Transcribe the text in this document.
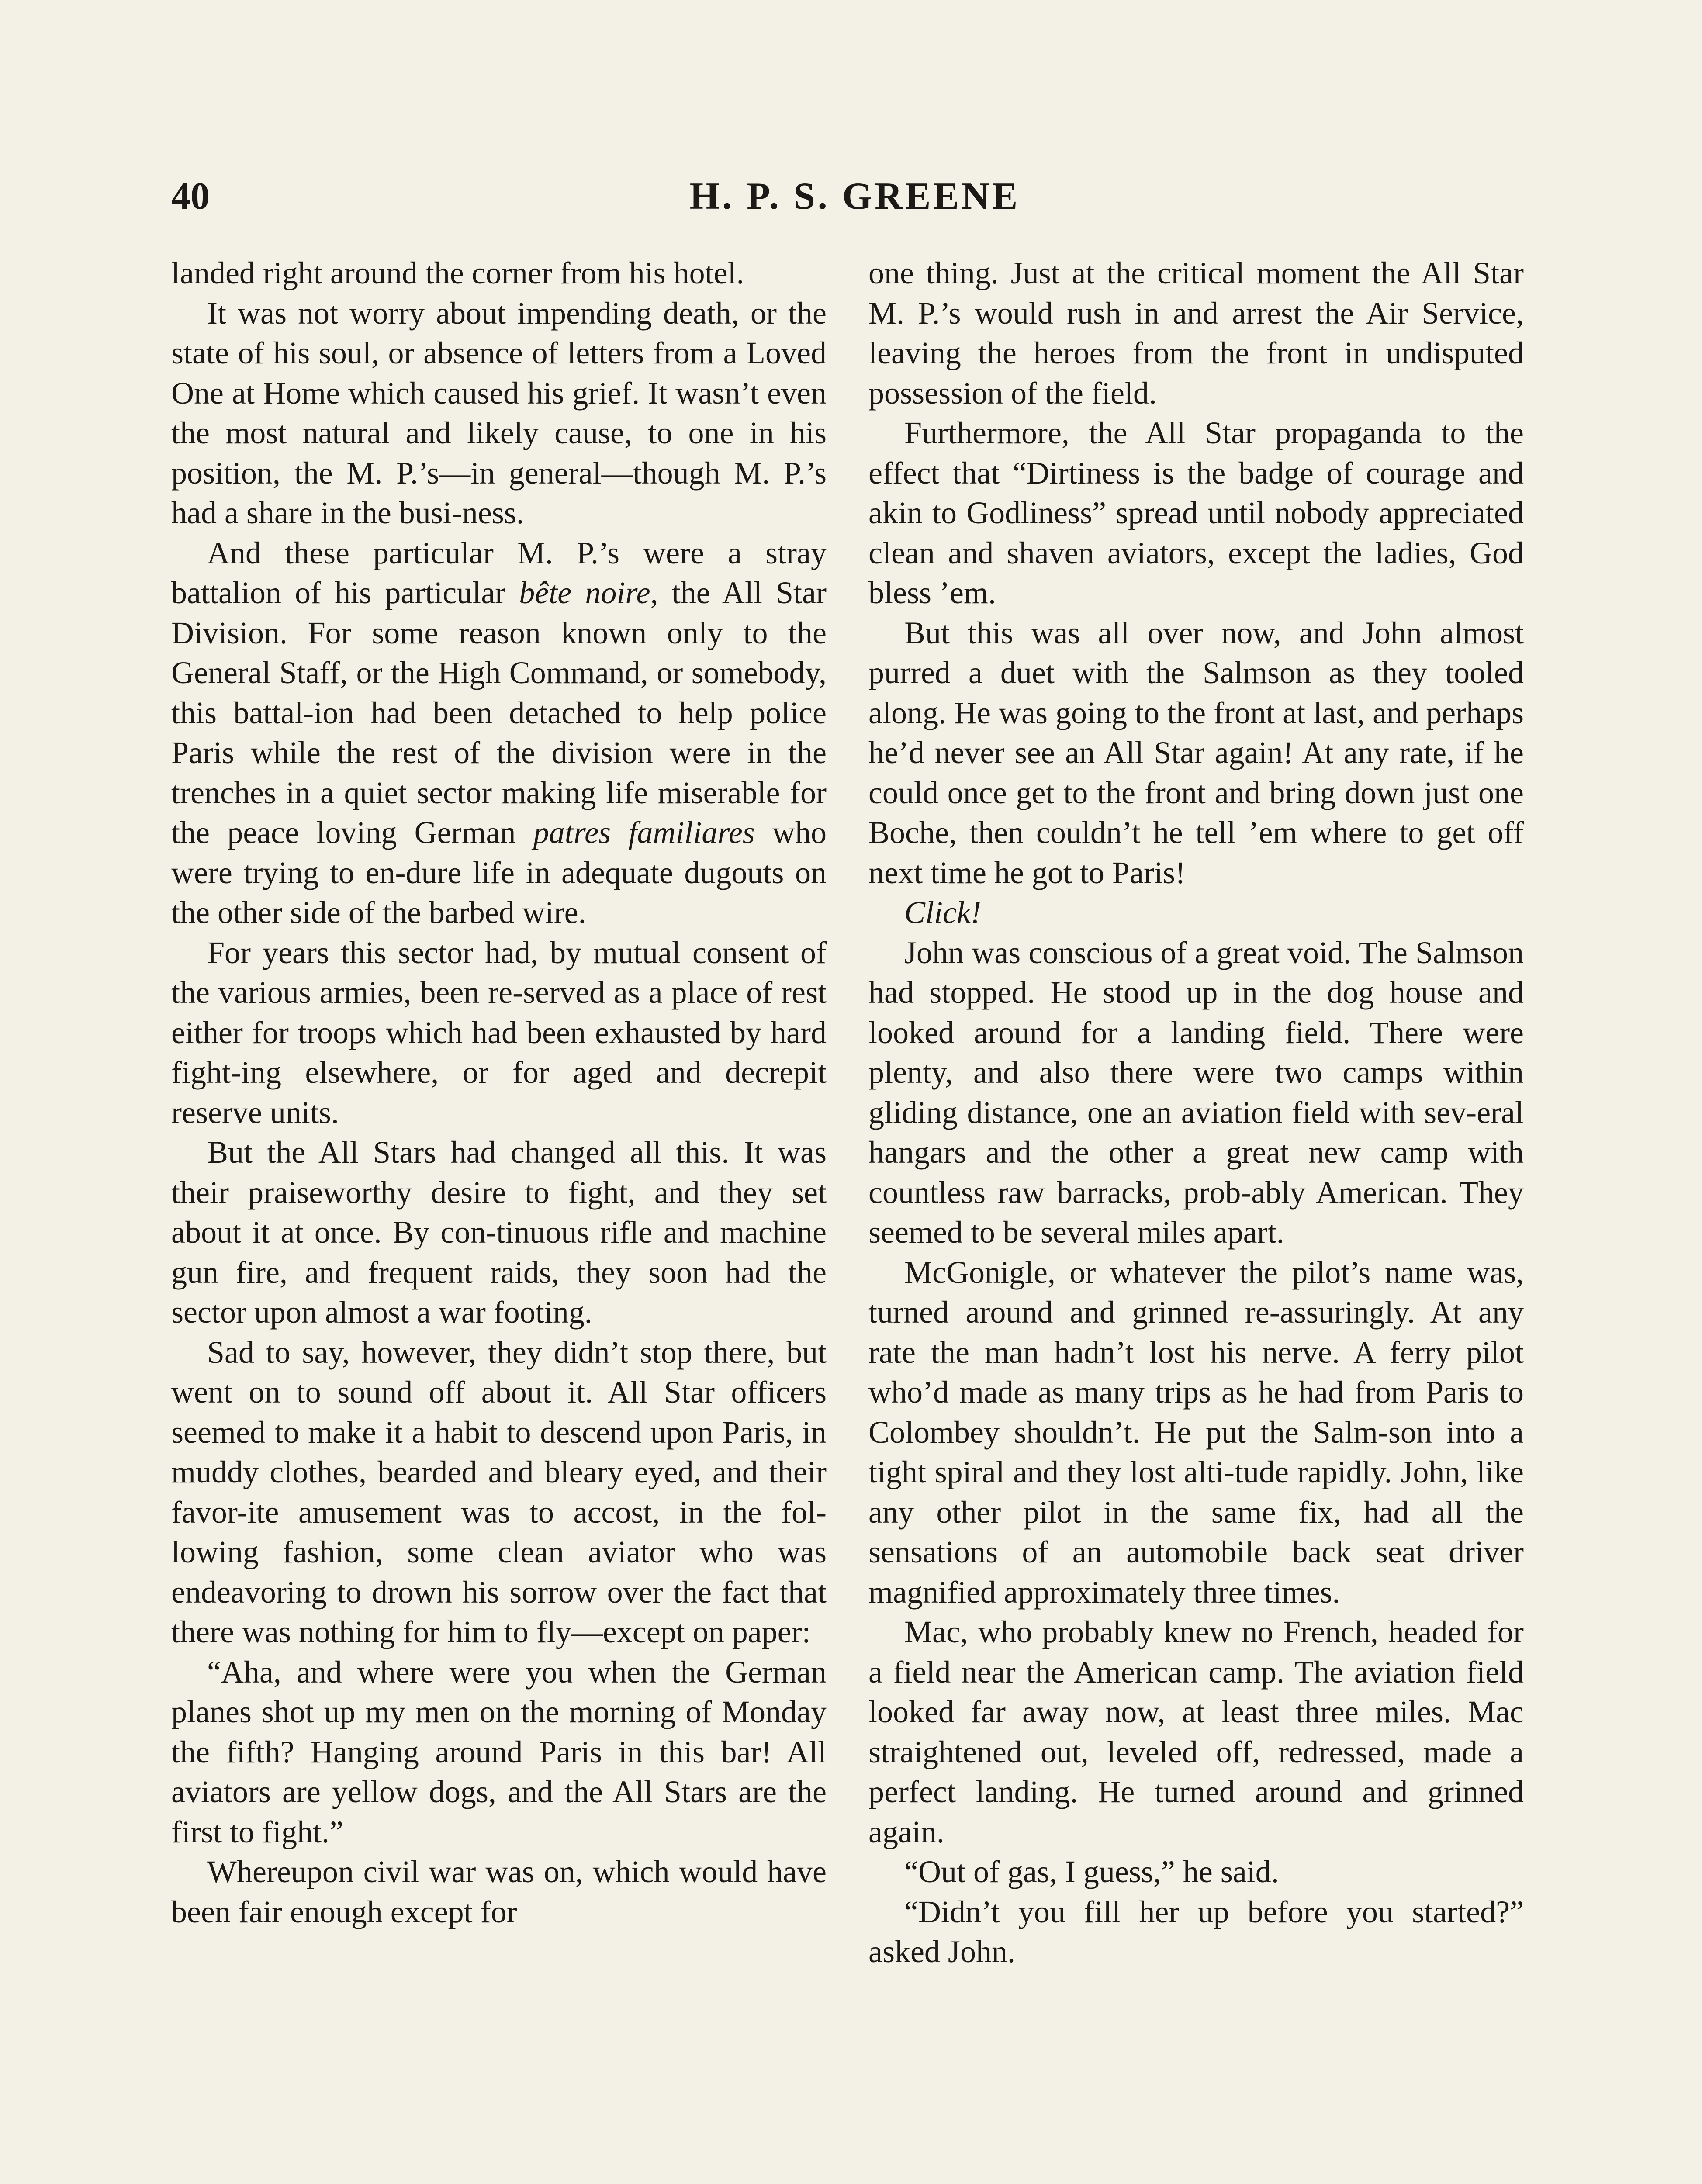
40	H. P. S. GREENE

landed right around the corner from his hotel.

It was not worry about impending death, or the state of his soul, or absence of letters from a Loved One at Home which caused his grief. It wasn’t even the most natural and likely cause, to one in his position, the M. P.’s—in general—though M. P.’s had a share in the busi-ness.

And these particular M. P.’s were a stray battalion of his particular bête noire, the All Star Division. For some reason known only to the General Staff, or the High Command, or somebody, this battal-ion had been detached to help police Paris while the rest of the division were in the trenches in a quiet sector making life miserable for the peace loving German patres familiares who were trying to en-dure life in adequate dugouts on the other side of the barbed wire.

For years this sector had, by mutual consent of the various armies, been re-served as a place of rest either for troops which had been exhausted by hard fight-ing elsewhere, or for aged and decrepit reserve units.

But the All Stars had changed all this. It was their praiseworthy desire to fight, and they set about it at once. By con-tinuous rifle and machine gun fire, and frequent raids, they soon had the sector upon almost a war footing.

Sad to say, however, they didn’t stop there, but went on to sound off about it. All Star officers seemed to make it a habit to descend upon Paris, in muddy clothes, bearded and bleary eyed, and their favor-ite amusement was to accost, in the fol-lowing fashion, some clean aviator who was endeavoring to drown his sorrow over the fact that there was nothing for him to fly—except on paper:

“Aha, and where were you when the German planes shot up my men on the morning of Monday the fifth? Hanging around Paris in this bar! All aviators are yellow dogs, and the All Stars are the first to fight.”

Whereupon civil war was on, which would have been fair enough except for

one thing. Just at the critical moment the All Star M. P.’s would rush in and arrest the Air Service, leaving the heroes from the front in undisputed possession of the field.

Furthermore, the All Star propaganda to the effect that “Dirtiness is the badge of courage and akin to Godliness” spread until nobody appreciated clean and shaven aviators, except the ladies, God bless ’em.

But this was all over now, and John almost purred a duet with the Salmson as they tooled along. He was going to the front at last, and perhaps he’d never see an All Star again! At any rate, if he could once get to the front and bring down just one Boche, then couldn’t he tell ’em where to get off next time he got to Paris!

Click!

John was conscious of a great void. The Salmson had stopped. He stood up in the dog house and looked around for a landing field. There were plenty, and also there were two camps within gliding distance, one an aviation field with sev-eral hangars and the other a great new camp with countless raw barracks, prob-ably American. They seemed to be several miles apart.

McGonigle, or whatever the pilot’s name was, turned around and grinned re-assuringly. At any rate the man hadn’t lost his nerve. A ferry pilot who’d made as many trips as he had from Paris to Colombey shouldn’t. He put the Salm-son into a tight spiral and they lost alti-tude rapidly. John, like any other pilot in the same fix, had all the sensations of an automobile back seat driver magnified approximately three times.

Mac, who probably knew no French, headed for a field near the American camp. The aviation field looked far away now, at least three miles. Mac straightened out, leveled off, redressed, made a perfect landing. He turned around and grinned again.

“Out of gas, I guess,” he said.

“Didn’t you fill her up before you started?” asked John.
